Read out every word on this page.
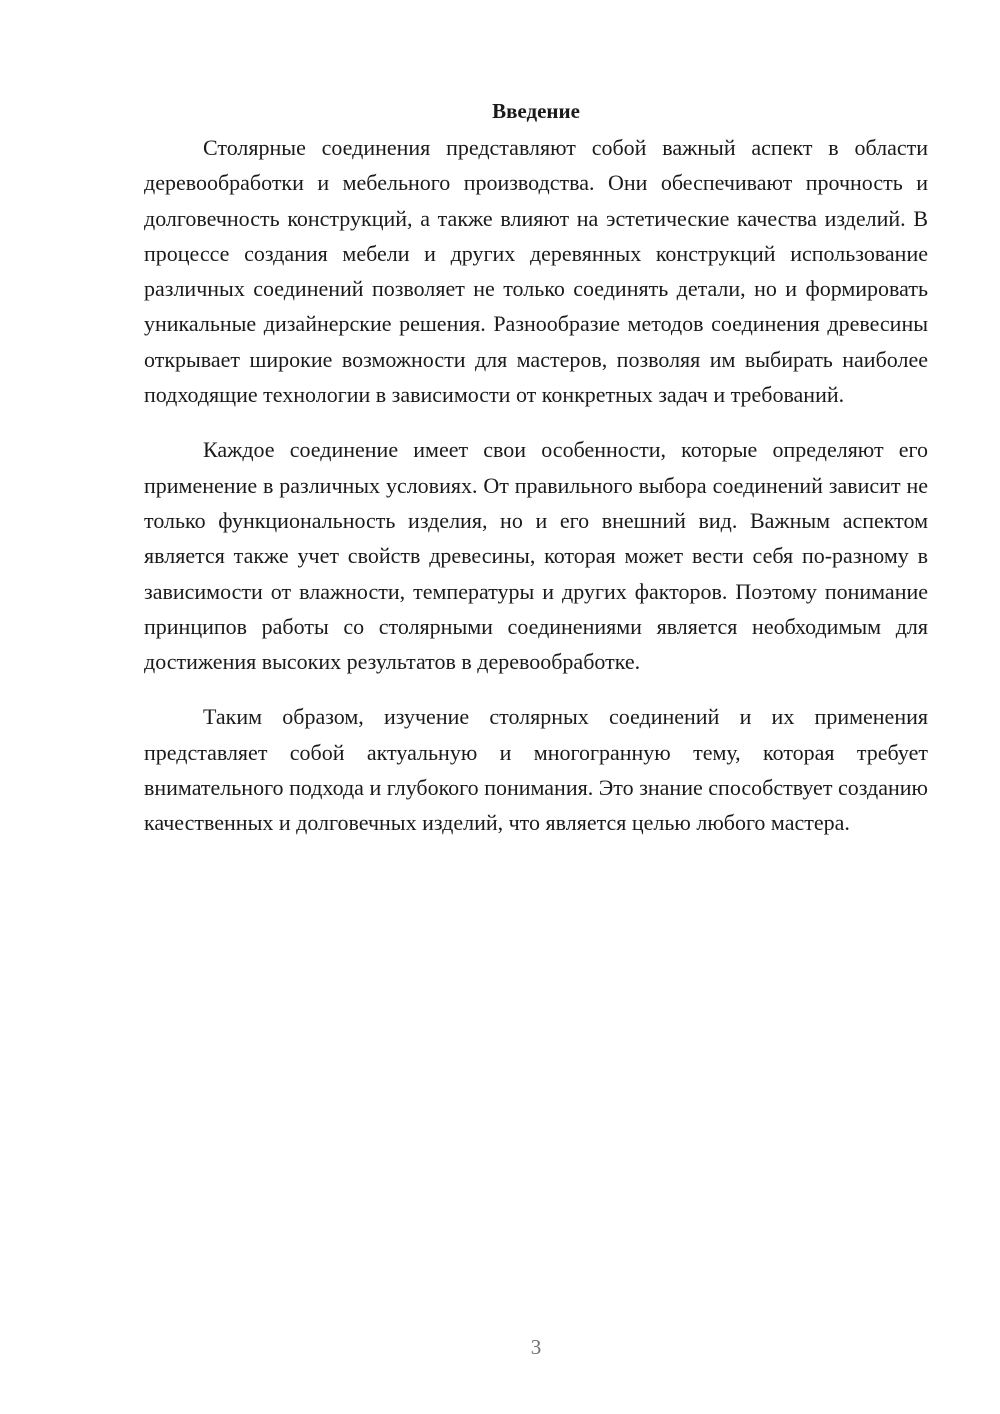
Введение

Столярные соединения представляют собой важный аспект в области деревообработки и мебельного производства. Они обеспечивают прочность и долговечность конструкций, а также влияют на эстетические качества изделий. В процессе создания мебели и других деревянных конструкций использование различных соединений позволяет не только соединять детали, но и формировать уникальные дизайнерские решения. Разнообразие методов соединения древесины открывает широкие возможности для мастеров, позволяя им выбирать наиболее подходящие технологии в зависимости от конкретных задач и требований.

Каждое соединение имеет свои особенности, которые определяют его применение в различных условиях. От правильного выбора соединений зависит не только функциональность изделия, но и его внешний вид. Важным аспектом является также учет свойств древесины, которая может вести себя по-разному в зависимости от влажности, температуры и других факторов. Поэтому понимание принципов работы со столярными соединениями является необходимым для достижения высоких результатов в деревообработке.

Таким образом, изучение столярных соединений и их применения представляет собой актуальную и многогранную тему, которая требует внимательного подхода и глубокого понимания. Это знание способствует созданию качественных и долговечных изделий, что является целью любого мастера.

3
